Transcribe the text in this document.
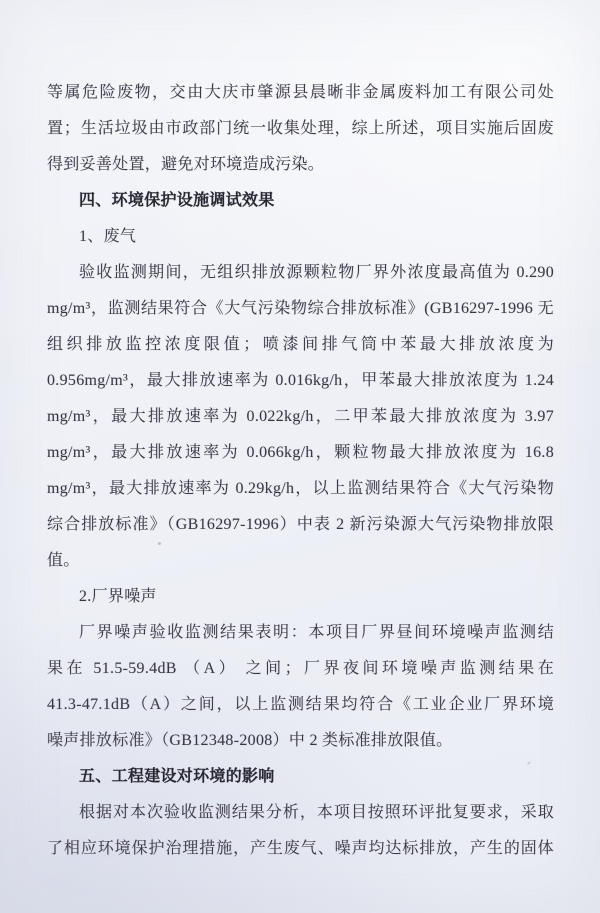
等属危险废物，交由大庆市肇源县晨晰非金属废料加工有限公司处
置；生活垃圾由市政部门统一收集处理，综上所述，项目实施后固废
得到妥善处置，避免对环境造成污染。
四、环境保护设施调试效果
1、废气
验收监测期间，无组织排放源颗粒物厂界外浓度最高值为 0.290
mg/m³，监测结果符合《大气污染物综合排放标准》(GB16297-1996 无
组织排放监控浓度限值；喷漆间排气筒中苯最大排放浓度为
0.956mg/m³，最大排放速率为 0.016kg/h，甲苯最大排放浓度为 1.24
mg/m³，最大排放速率为 0.022kg/h，二甲苯最大排放浓度为 3.97
mg/m³，最大排放速率为 0.066kg/h，颗粒物最大排放浓度为 16.8
mg/m³，最大排放速率为 0.29kg/h，以上监测结果符合《大气污染物
综合排放标准》（GB16297-1996）中表 2 新污染源大气污染物排放限
值。
2.厂界噪声
厂界噪声验收监测结果表明：本项目厂界昼间环境噪声监测结
果在 51.5-59.4dB （A） 之间；厂界夜间环境噪声监测结果在
41.3-47.1dB（A）之间，以上监测结果均符合《工业企业厂界环境
噪声排放标准》（GB12348-2008）中 2 类标准排放限值。
五、工程建设对环境的影响
根据对本次验收监测结果分析，本项目按照环评批复要求，采取
了相应环境保护治理措施，产生废气、噪声均达标排放，产生的固体
